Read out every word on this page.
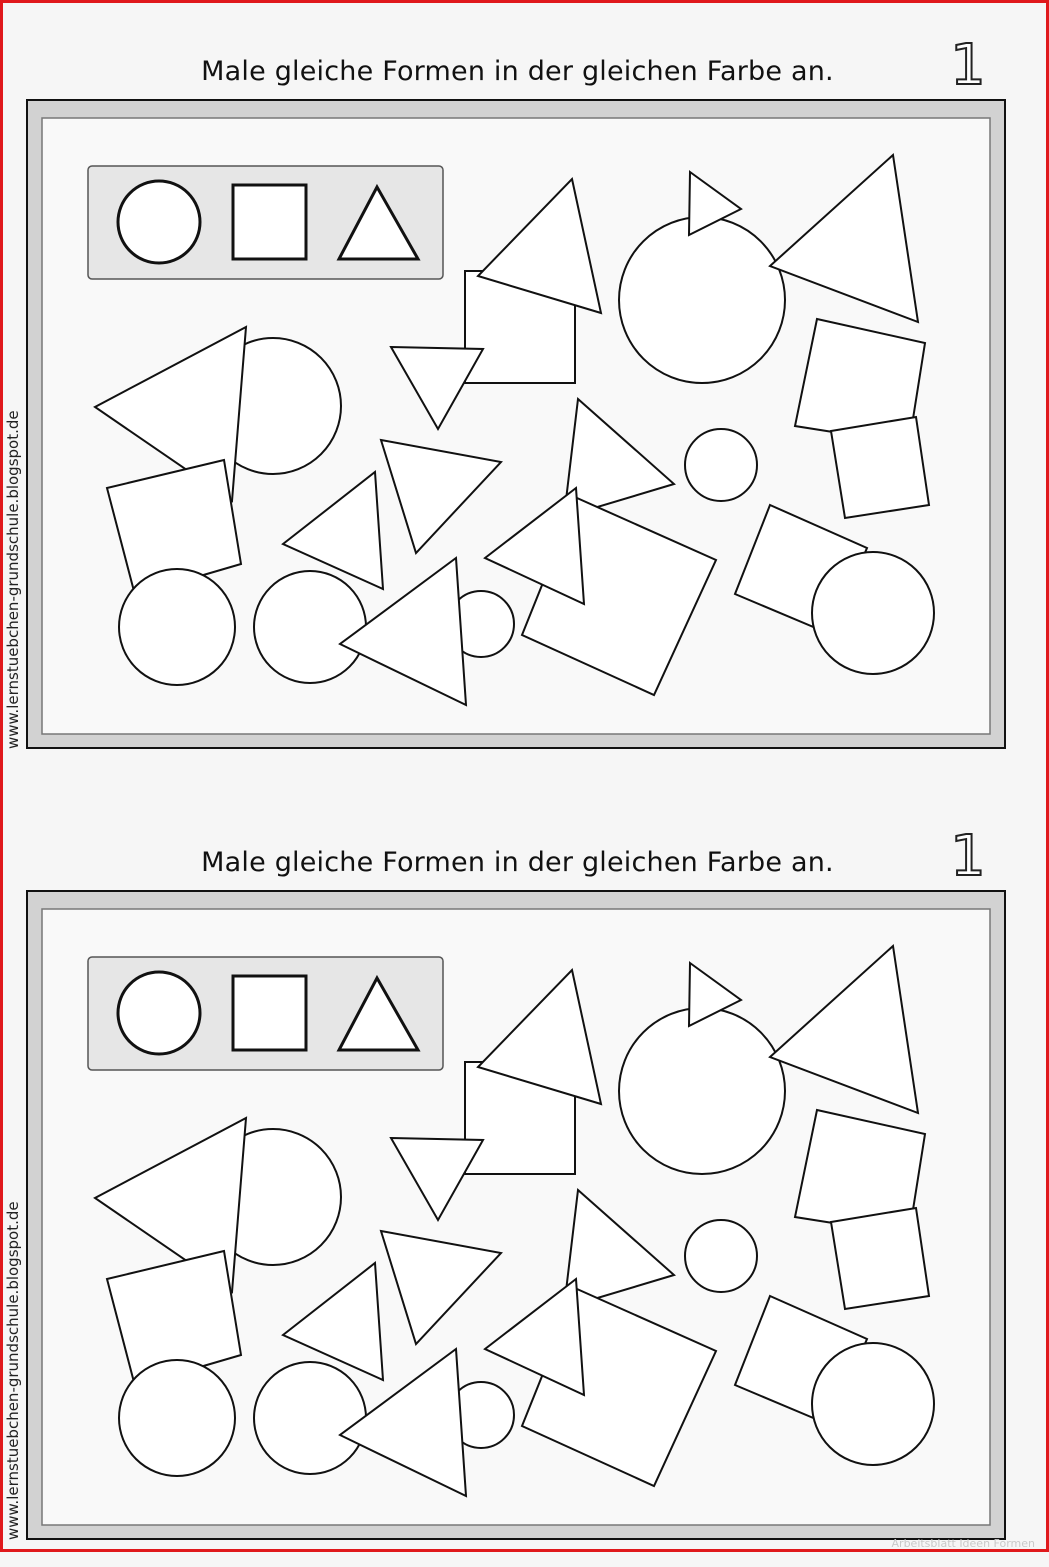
Male gleiche Formen in der gleichen Farbe an.	1
www.lernstuebchen-grundschule.blogspot.de
Male gleiche Formen in der gleichen Farbe an.	1
www.lernstuebchen-grundschule.blogspot.de
Arbeitsblatt Ideen Formen
